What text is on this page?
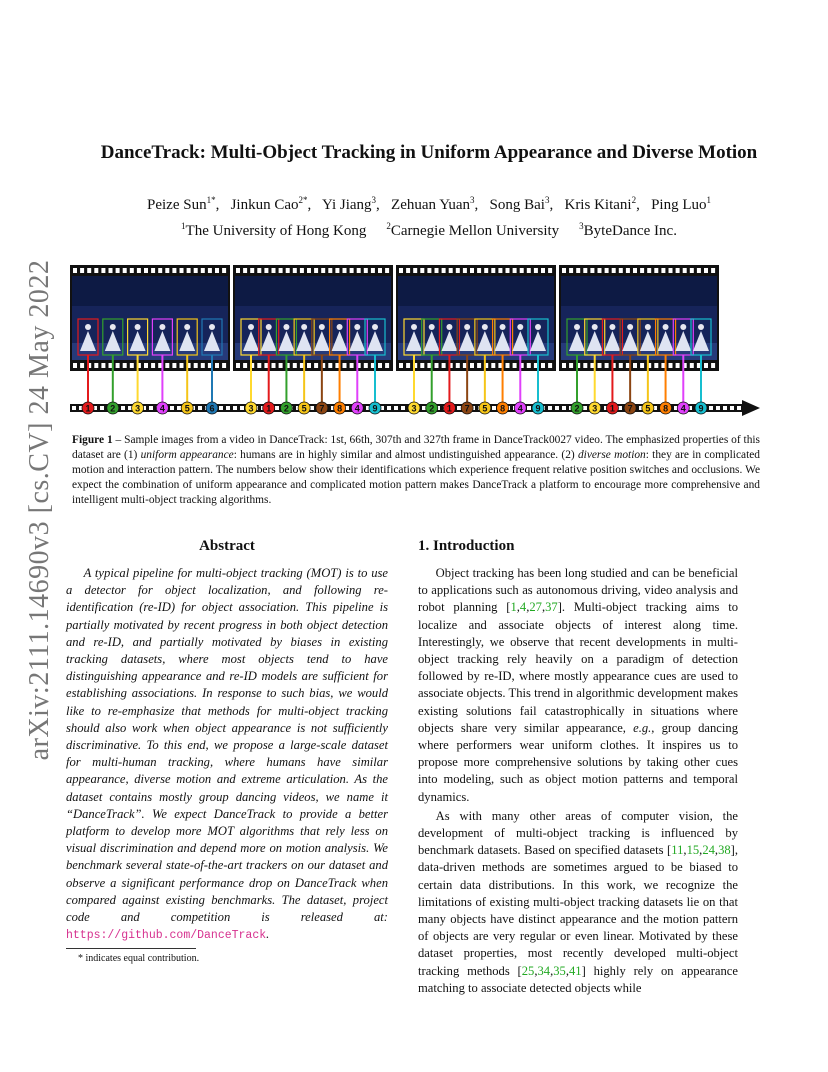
arXiv:2111.14690v3 [cs.CV] 24 May 2022
DanceTrack: Multi-Object Tracking in Uniform Appearance and Diverse Motion
Peize Sun$^{1*}$,   Jinkun Cao$^{2*}$,   Yi Jiang$^3$,   Zehuan Yuan$^3$,   Song Bai$^3$,   Kris Kitani$^2$,   Ping Luo$^1$
$^1$The University of Hong Kong $^2$Carnegie Mellon University $^3$ByteDance Inc.
1 2 3 4 5 6	3 1 2 5 7 8 4 9	3 2 1 7 5 8 4 9	2 3 1 7 5 8 4 9
Figure 1 – Sample images from a video in DanceTrack: 1st, 66th, 307th and 327th frame in DanceTrack0027 video. The emphasized properties of this dataset are (1) uniform appearance: humans are in highly similar and almost undistinguished appearance. (2) diverse motion: they are in complicated motion and interaction pattern. The numbers below show their identifications which experience frequent relative position switches and occlusions. We expect the combination of uniform appearance and complicated motion pattern makes DanceTrack a platform to encourage more comprehensive and intelligent multi-object tracking algorithms.
Abstract

A typical pipeline for multi-object tracking (MOT) is to use a detector for object localization, and following re-identification (re-ID) for object association. This pipeline is partially motivated by recent progress in both object detection and re-ID, and partially motivated by biases in existing tracking datasets, where most objects tend to have distinguishing appearance and re-ID models are sufficient for establishing associations. In response to such bias, we would like to re-emphasize that methods for multi-object tracking should also work when object appearance is not sufficiently discriminative. To this end, we propose a large-scale dataset for multi-human tracking, where humans have similar appearance, diverse motion and extreme articulation. As the dataset contains mostly group dancing videos, we name it “DanceTrack”. We expect DanceTrack to provide a better platform to develop more MOT algorithms that rely less on visual discrimination and depend more on motion analysis. We benchmark several state-of-the-art trackers on our dataset and observe a significant performance drop on DanceTrack when compared against existing benchmarks. The dataset, project code and competition is released at: https://github.com/DanceTrack.

* indicates equal contribution.
1. Introduction

Object tracking has been long studied and can be beneficial to applications such as autonomous driving, video analysis and robot planning [1,4,27,37]. Multi-object tracking aims to localize and associate objects of interest along time. Interestingly, we observe that recent developments in multi-object tracking rely heavily on a paradigm of detection followed by re-ID, where mostly appearance cues are used to associate objects. This trend in algorithmic development makes existing solutions fail catastrophically in situations where objects share very similar appearance, e.g., group dancing where performers wear uniform clothes. It inspires us to propose more comprehensive solutions by taking other cues into modeling, such as object motion patterns and temporal dynamics.

As with many other areas of computer vision, the development of multi-object tracking is influenced by benchmark datasets. Based on specified datasets [11,15,24,38], data-driven methods are sometimes argued to be biased to certain data distributions. In this work, we recognize the limitations of existing multi-object tracking datasets lie on that many objects have distinct appearance and the motion pattern of objects are very regular or even linear. Motivated by these dataset properties, most recently developed multi-object tracking methods [25,34,35,41] highly rely on appearance matching to associate detected objects while
